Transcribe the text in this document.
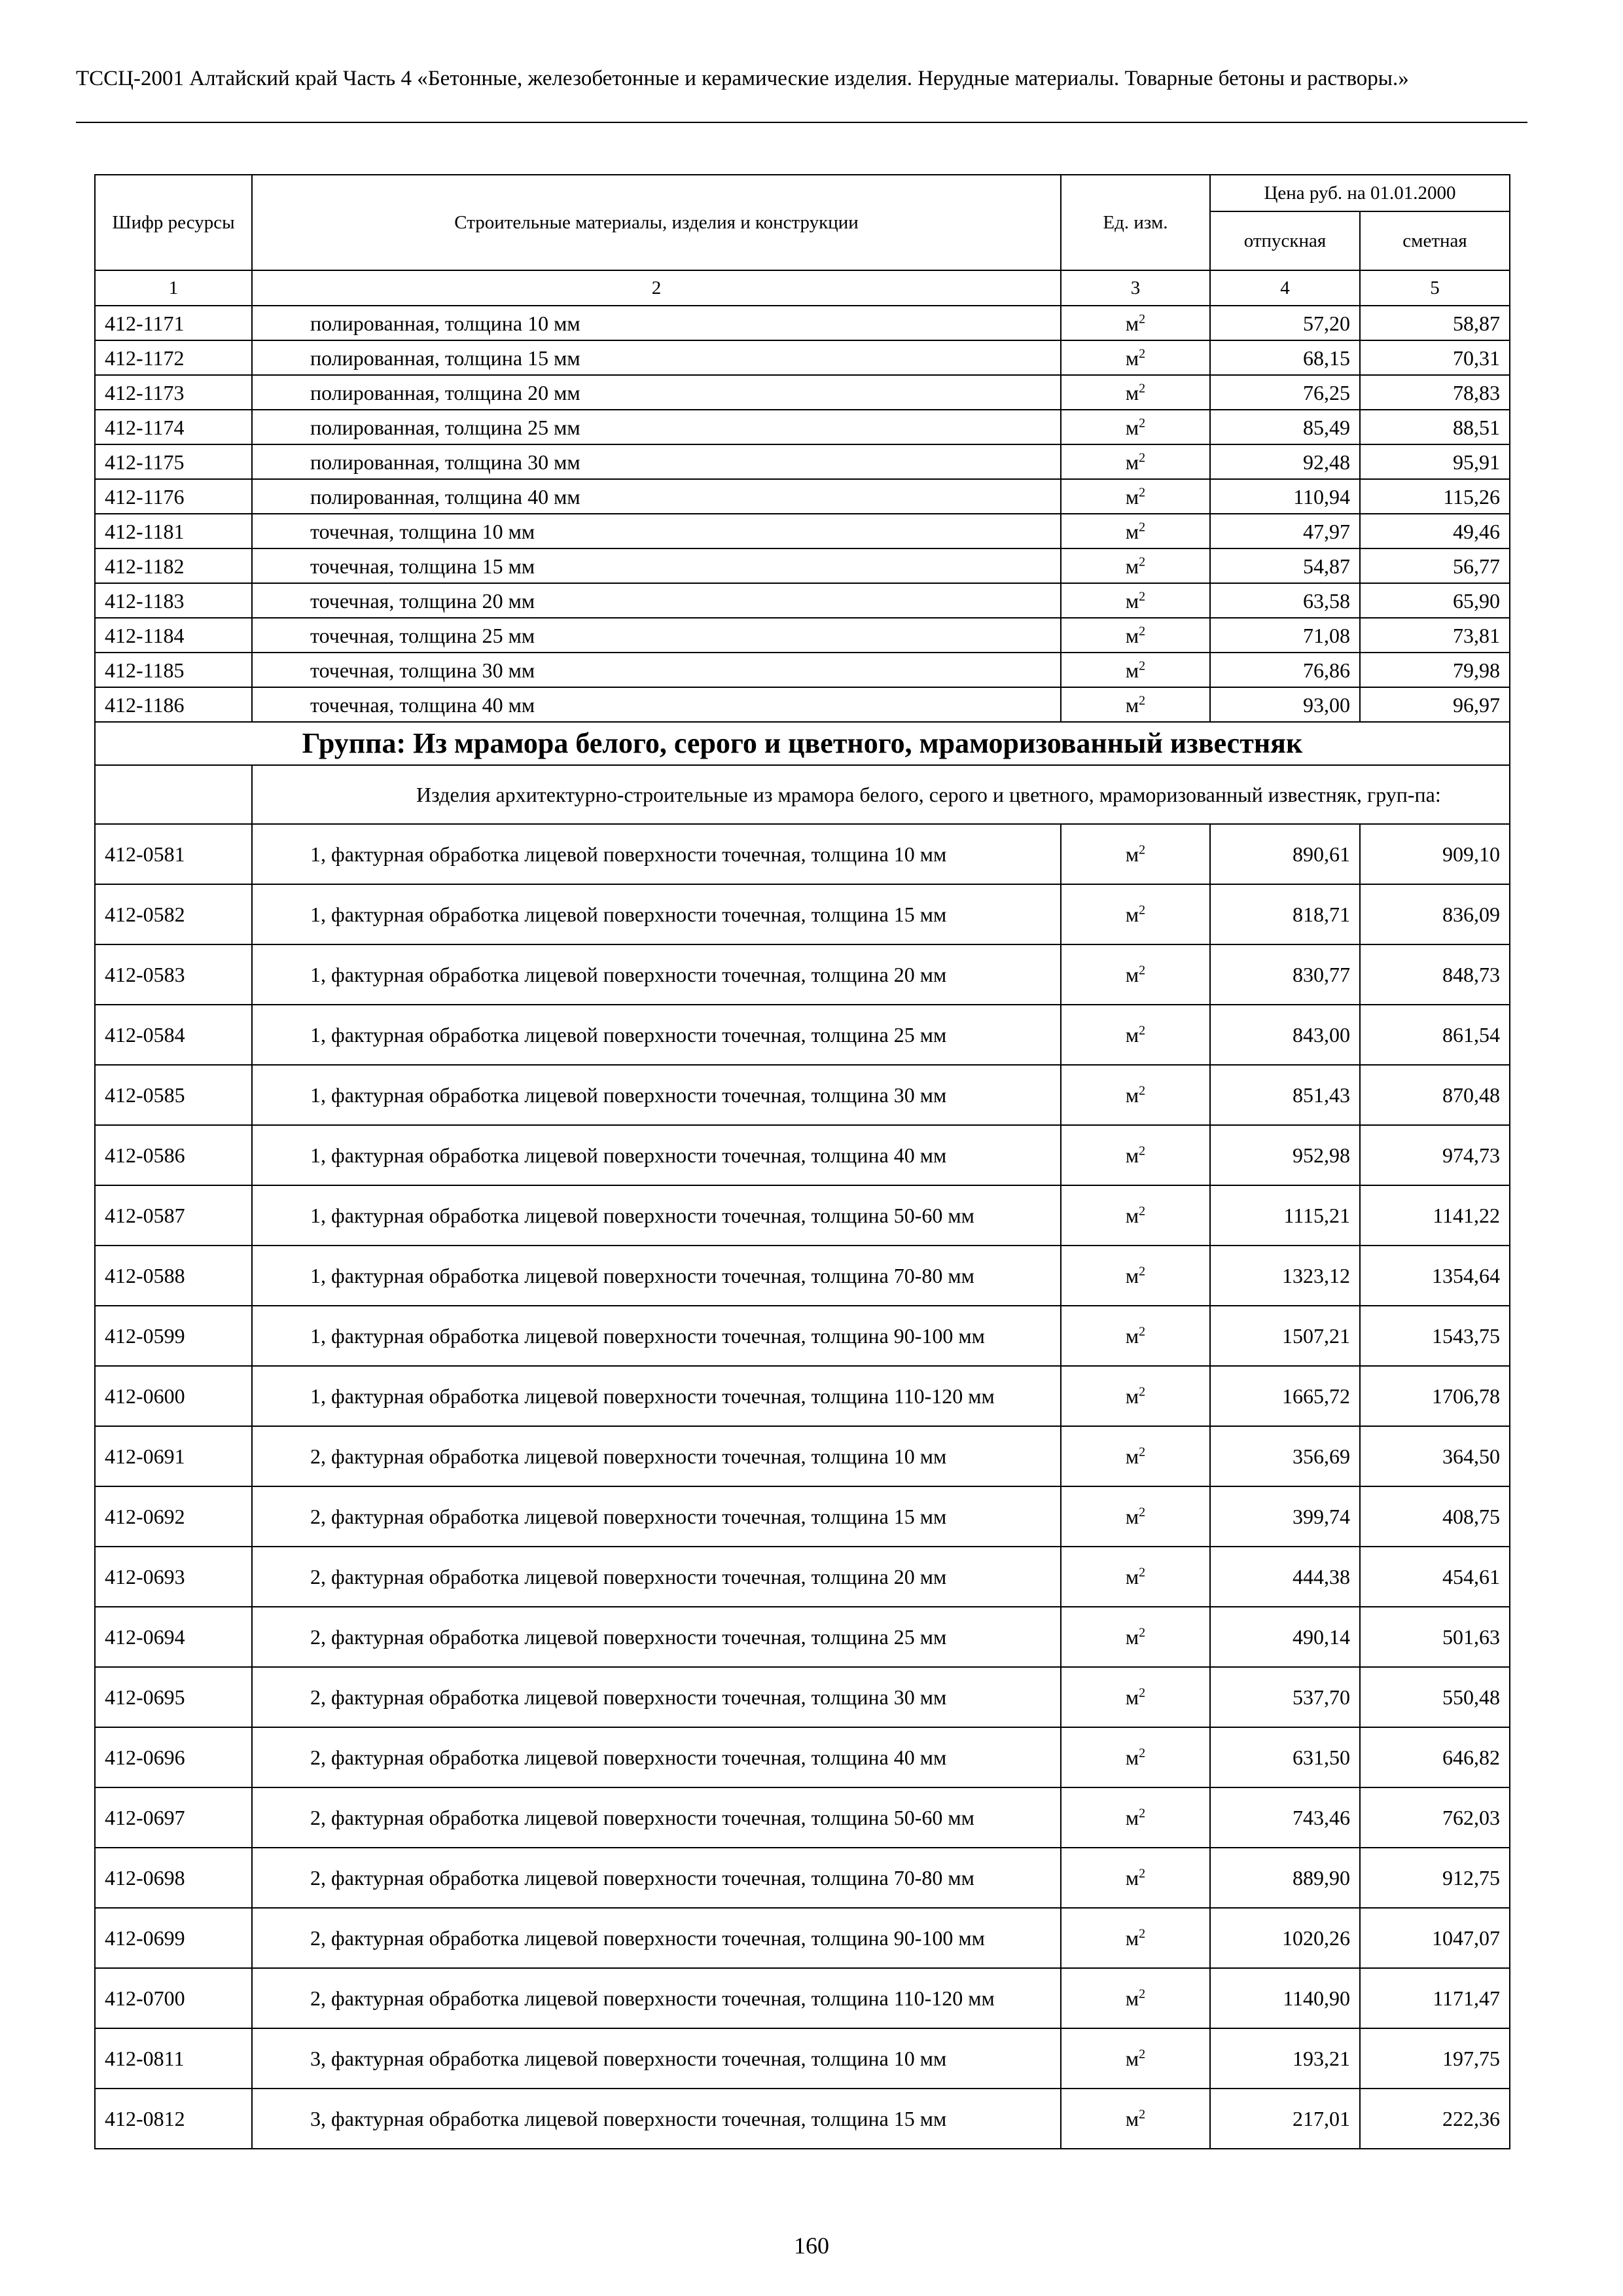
ТССЦ-2001 Алтайский край Часть 4 «Бетонные, железобетонные и керамические изделия. Нерудные материалы. Товарные бетоны и растворы.»
Шифр ресурсы	Строительные материалы, изделия и конструкции	Ед. изм.	Цена руб. на 01.01.2000	
			отпускная	сметная
1	2	3	4	5
412-1171	полированная, толщина 10 мм	$м^2$	57,20	58,87
412-1172	полированная, толщина 15 мм	$м^2$	68,15	70,31
412-1173	полированная, толщина 20 мм	$м^2$	76,25	78,83
412-1174	полированная, толщина 25 мм	$м^2$	85,49	88,51
412-1175	полированная, толщина 30 мм	$м^2$	92,48	95,91
412-1176	полированная, толщина 40 мм	$м^2$	110,94	115,26
412-1181	точечная, толщина 10 мм	$м^2$	47,97	49,46
412-1182	точечная, толщина 15 мм	$м^2$	54,87	56,77
412-1183	точечная, толщина 20 мм	$м^2$	63,58	65,90
412-1184	точечная, толщина 25 мм	$м^2$	71,08	73,81
412-1185	точечная, толщина 30 мм	$м^2$	76,86	79,98
412-1186	точечная, толщина 40 мм	$м^2$	93,00	96,97
Группа: Из мрамора белого, серого и цветного, мраморизованный известняк				
	Изделия архитектурно-строительные из мрамора белого, серого и цветного, мраморизованный известняк, груп-па:			
412-0581	1, фактурная обработка лицевой поверхности точечная, толщина 10 мм	$м^2$	890,61	909,10
412-0582	1, фактурная обработка лицевой поверхности точечная, толщина 15 мм	$м^2$	818,71	836,09
412-0583	1, фактурная обработка лицевой поверхности точечная, толщина 20 мм	$м^2$	830,77	848,73
412-0584	1, фактурная обработка лицевой поверхности точечная, толщина 25 мм	$м^2$	843,00	861,54
412-0585	1, фактурная обработка лицевой поверхности точечная, толщина 30 мм	$м^2$	851,43	870,48
412-0586	1, фактурная обработка лицевой поверхности точечная, толщина 40 мм	$м^2$	952,98	974,73
412-0587	1, фактурная обработка лицевой поверхности точечная, толщина 50-60 мм	$м^2$	1115,21	1141,22
412-0588	1, фактурная обработка лицевой поверхности точечная, толщина 70-80 мм	$м^2$	1323,12	1354,64
412-0599	1, фактурная обработка лицевой поверхности точечная, толщина 90-100 мм	$м^2$	1507,21	1543,75
412-0600	1, фактурная обработка лицевой поверхности точечная, толщина 110-120 мм	$м^2$	1665,72	1706,78
412-0691	2, фактурная обработка лицевой поверхности точечная, толщина 10 мм	$м^2$	356,69	364,50
412-0692	2, фактурная обработка лицевой поверхности точечная, толщина 15 мм	$м^2$	399,74	408,75
412-0693	2, фактурная обработка лицевой поверхности точечная, толщина 20 мм	$м^2$	444,38	454,61
412-0694	2, фактурная обработка лицевой поверхности точечная, толщина 25 мм	$м^2$	490,14	501,63
412-0695	2, фактурная обработка лицевой поверхности точечная, толщина 30 мм	$м^2$	537,70	550,48
412-0696	2, фактурная обработка лицевой поверхности точечная, толщина 40 мм	$м^2$	631,50	646,82
412-0697	2, фактурная обработка лицевой поверхности точечная, толщина 50-60 мм	$м^2$	743,46	762,03
412-0698	2, фактурная обработка лицевой поверхности точечная, толщина 70-80 мм	$м^2$	889,90	912,75
412-0699	2, фактурная обработка лицевой поверхности точечная, толщина 90-100 мм	$м^2$	1020,26	1047,07
412-0700	2, фактурная обработка лицевой поверхности точечная, толщина 110-120 мм	$м^2$	1140,90	1171,47
412-0811	3, фактурная обработка лицевой поверхности точечная, толщина 10 мм	$м^2$	193,21	197,75
412-0812	3, фактурная обработка лицевой поверхности точечная, толщина 15 мм	$м^2$	217,01	222,36
160
